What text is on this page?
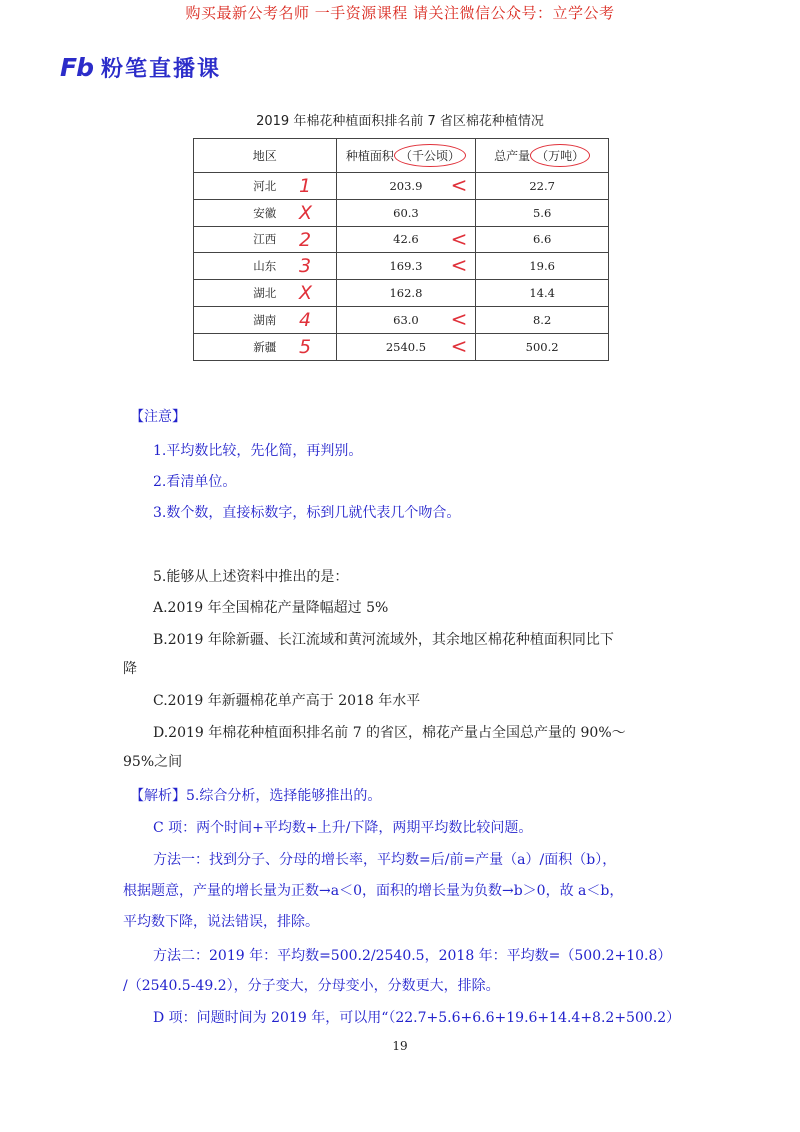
购买最新公考名师 一手资源课程 请关注微信公众号：立学公考
Fb 粉笔直播课
2019 年棉花种植面积排名前 7 省区棉花种植情况
地区	种植面积 （千公顷）	总产量 （万吨）
河北 1	203.9 <	22.7
安徽 X	60.3	5.6
江西 2	42.6 <	6.6
山东 3	169.3 <	19.6
湖北 X	162.8	14.4
湖南 4	63.0 <	8.2
新疆 5	2540.5 <	500.2
【注意】
1.平均数比较，先化简，再判别。
2.看清单位。
3.数个数，直接标数字，标到几就代表几个吻合。
5.能够从上述资料中推出的是：
A.2019 年全国棉花产量降幅超过 5%
B.2019 年除新疆、长江流域和黄河流域外，其余地区棉花种植面积同比下
降
C.2019 年新疆棉花单产高于 2018 年水平
D.2019 年棉花种植面积排名前 7 的省区，棉花产量占全国总产量的 90%～
95%之间
【解析】5.综合分析，选择能够推出的。
C 项：两个时间+平均数+上升/下降，两期平均数比较问题。
方法一：找到分子、分母的增长率，平均数=后/前=产量（a）/面积（b），
根据题意，产量的增长量为正数→a＜0，面积的增长量为负数→b＞0，故 a＜b，
平均数下降，说法错误，排除。
方法二：2019 年：平均数=500.2/2540.5，2018 年：平均数=（500.2+10.8）
/（2540.5-49.2），分子变大，分母变小，分数更大，排除。
D 项：问题时间为 2019 年，可以用“（22.7+5.6+6.6+19.6+14.4+8.2+500.2）
19
